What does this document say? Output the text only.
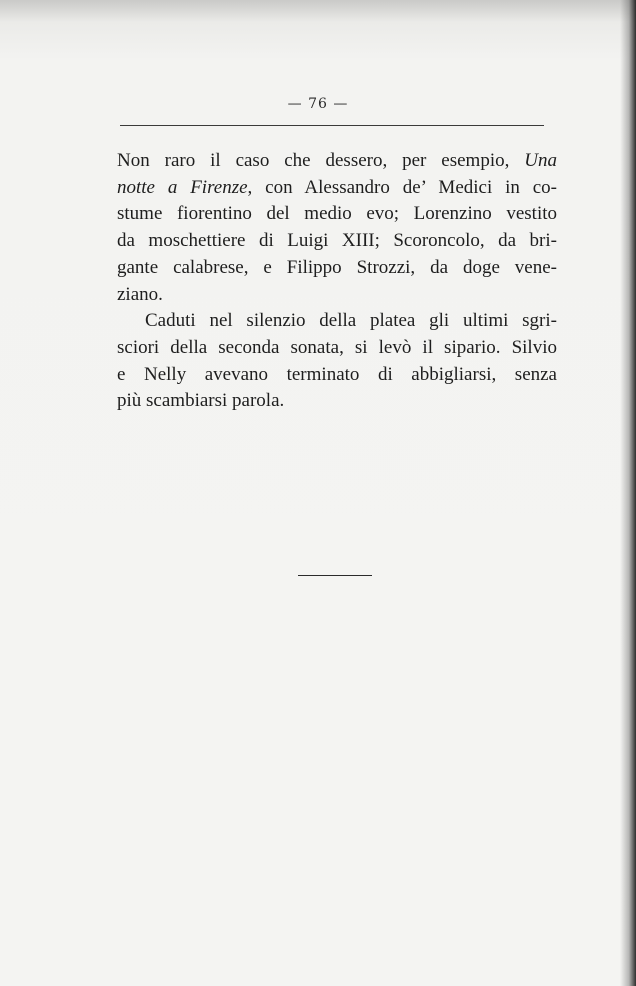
— 76 —

Non raro il caso che dessero, per esempio, Una
notte a Firenze, con Alessandro de’ Medici in co-
stume fiorentino del medio evo; Lorenzino vestito
da moschettiere di Luigi XIII; Scoroncolo, da bri-
gante calabrese, e Filippo Strozzi, da doge vene-
ziano.

Caduti nel silenzio della platea gli ultimi sgri-
sciori della seconda sonata, si levò il sipario. Silvio
e Nelly avevano terminato di abbigliarsi, senza
più scambiarsi parola.
